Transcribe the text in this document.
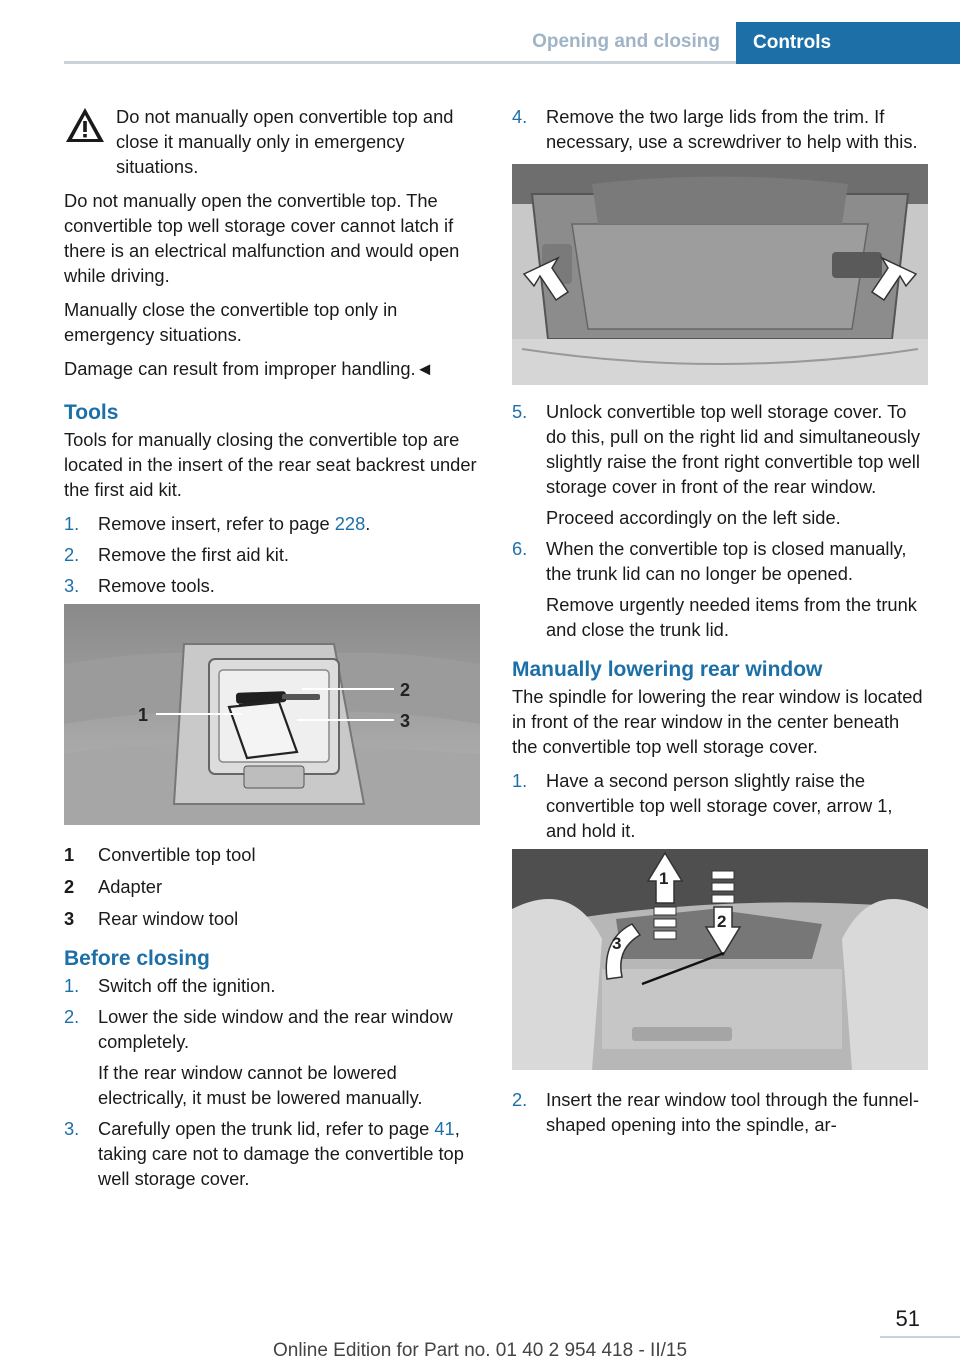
Opening and closing	Controls

Do not manually open convertible top and close it manually only in emergency situations.

Do not manually open the convertible top. The convertible top well storage cover cannot latch if there is an electrical malfunction and would open while driving.

Manually close the convertible top only in emergency situations.

Damage can result from improper handling.◄

Tools

Tools for manually closing the convertible top are located in the insert of the rear seat backrest under the first aid kit.

1. Remove insert, refer to page 228.
2. Remove the first aid kit.
3. Remove tools.
1
2
3
1 Convertible top tool
2 Adapter
3 Rear window tool
Before closing
1. Switch off the ignition.
2. Lower the side window and the rear window completely.

If the rear window cannot be lowered electrically, it must be lowered manually.

3. Carefully open the trunk lid, refer to page 41, taking care not to damage the convertible top well storage cover.
4. Remove the two large lids from the trim. If necessary, use a screwdriver to help with this.
5. Unlock convertible top well storage cover. To do this, pull on the right lid and simultaneously slightly raise the front right convertible top well storage cover in front of the rear window.

Proceed accordingly on the left side.

6. When the convertible top is closed manually, the trunk lid can no longer be opened.

Remove urgently needed items from the trunk and close the trunk lid.

Manually lowering rear window

The spindle for lowering the rear window is located in front of the rear window in the center beneath the convertible top well storage cover.

1. Have a second person slightly raise the convertible top well storage cover, arrow 1, and hold it.
1
2
3
2. Insert the rear window tool through the funnel-shaped opening into the spindle, ar-
51
Online Edition for Part no. 01 40 2 954 418 - II/15
